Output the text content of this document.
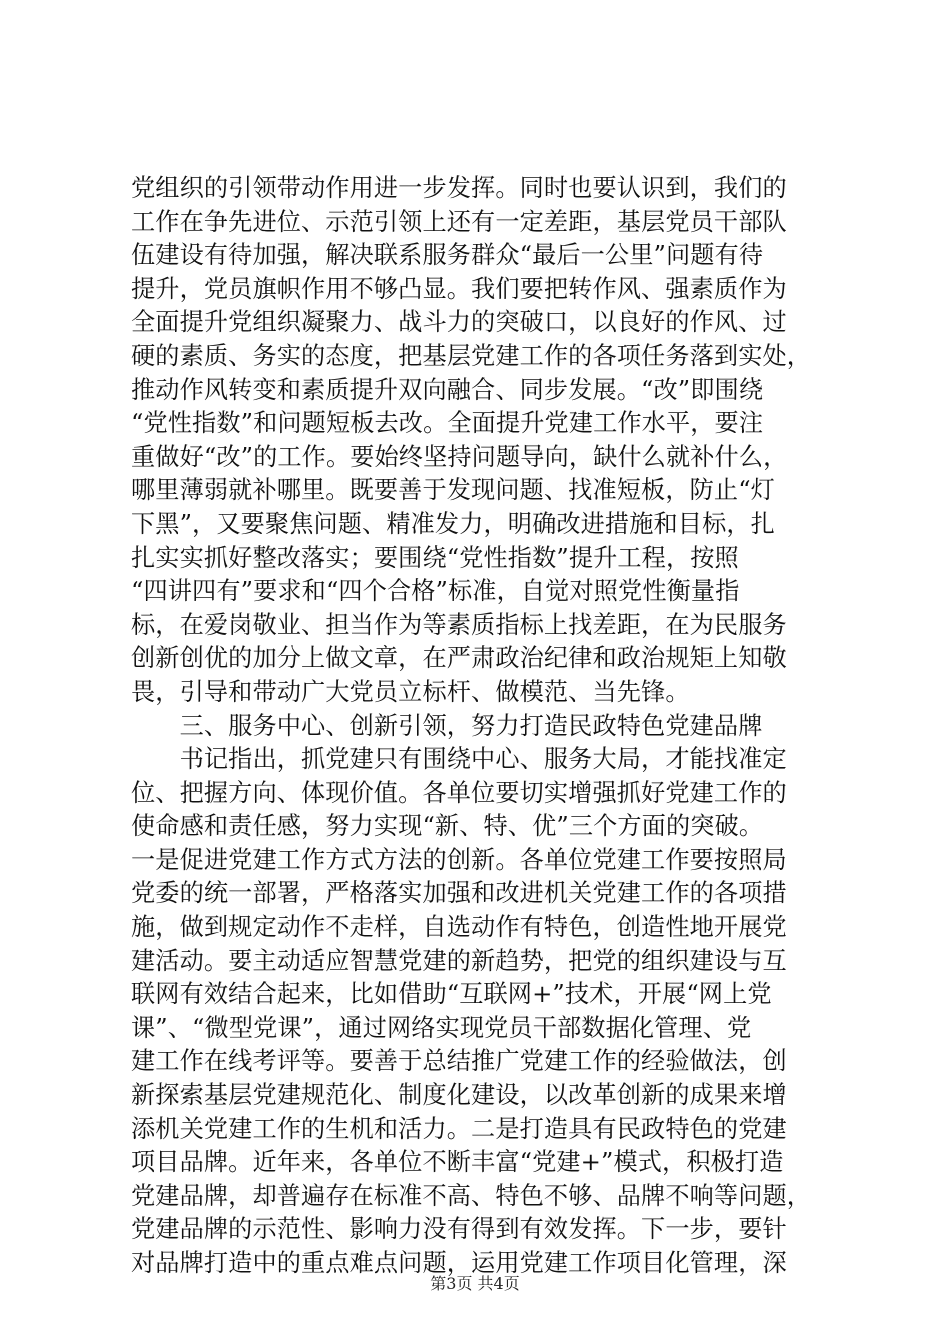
党组织的引领带动作用进一步发挥。同时也要认识到，我们的
工作在争先进位、示范引领上还有一定差距，基层党员干部队
伍建设有待加强，解决联系服务群众“最后一公里”问题有待
提升，党员旗帜作用不够凸显。我们要把转作风、强素质作为
全面提升党组织凝聚力、战斗力的突破口，以良好的作风、过
硬的素质、务实的态度，把基层党建工作的各项任务落到实处，
推动作风转变和素质提升双向融合、同步发展。“改”即围绕
“党性指数”和问题短板去改。全面提升党建工作水平，要注
重做好“改”的工作。要始终坚持问题导向，缺什么就补什么，
哪里薄弱就补哪里。既要善于发现问题、找准短板，防止“灯
下黑”，又要聚焦问题、精准发力，明确改进措施和目标，扎
扎实实抓好整改落实；要围绕“党性指数”提升工程，按照
“四讲四有”要求和“四个合格”标准，自觉对照党性衡量指
标，在爱岗敬业、担当作为等素质指标上找差距，在为民服务
创新创优的加分上做文章，在严肃政治纪律和政治规矩上知敬
畏，引导和带动广大党员立标杆、做模范、当先锋。
　　三、服务中心、创新引领，努力打造民政特色党建品牌
　　书记指出，抓党建只有围绕中心、服务大局，才能找准定
位、把握方向、体现价值。各单位要切实增强抓好党建工作的
使命感和责任感，努力实现“新、特、优”三个方面的突破。
一是促进党建工作方式方法的创新。各单位党建工作要按照局
党委的统一部署，严格落实加强和改进机关党建工作的各项措
施，做到规定动作不走样，自选动作有特色，创造性地开展党
建活动。要主动适应智慧党建的新趋势，把党的组织建设与互
联网有效结合起来，比如借助“互联网+”技术，开展“网上党
课”、“微型党课”，通过网络实现党员干部数据化管理、党
建工作在线考评等。要善于总结推广党建工作的经验做法，创
新探索基层党建规范化、制度化建设，以改革创新的成果来增
添机关党建工作的生机和活力。二是打造具有民政特色的党建
项目品牌。近年来，各单位不断丰富“党建+”模式，积极打造
党建品牌，却普遍存在标准不高、特色不够、品牌不响等问题，
党建品牌的示范性、影响力没有得到有效发挥。下一步，要针
对品牌打造中的重点难点问题，运用党建工作项目化管理，深
第3页 共4页
